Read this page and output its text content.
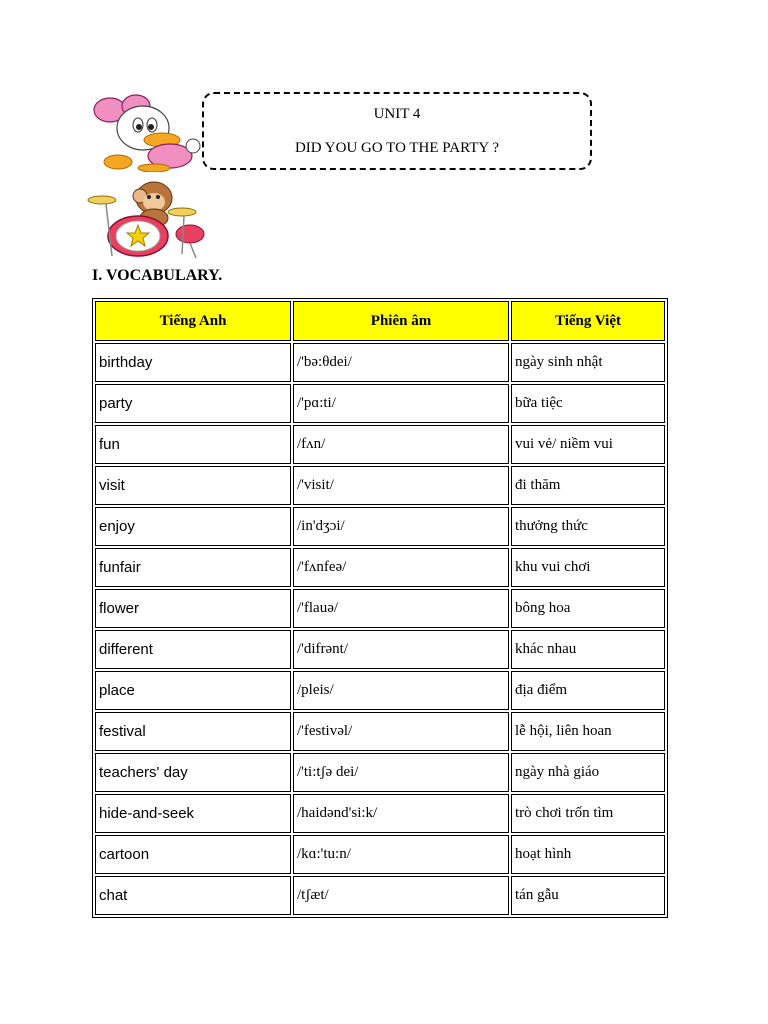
UNIT 4
DID YOU GO TO THE PARTY ?
I. VOCABULARY.
Tiếng Anh	Phiên âm	Tiếng Việt
birthday	/'bə:θdei/	ngày sinh nhật
party	/'pɑ:ti/	bữa tiệc
fun	/fʌn/	vui vẻ/ niềm vui
visit	/'visit/	đi thăm
enjoy	/in'dʒɔi/	thưởng thức
funfair	/'fʌnfeə/	khu vui chơi
flower	/'flauə/	bông hoa
different	/'difrənt/	khác nhau
place	/pleis/	địa điểm
festival	/'festivəl/	lễ hội, liên hoan
teachers' day	/'ti:tʃə dei/	ngày nhà giáo
hide-and-seek	/haidənd'si:k/	trò chơi trốn tìm
cartoon	/kɑ:'tu:n/	hoạt hình
chat	/tʃæt/	tán gẫu
